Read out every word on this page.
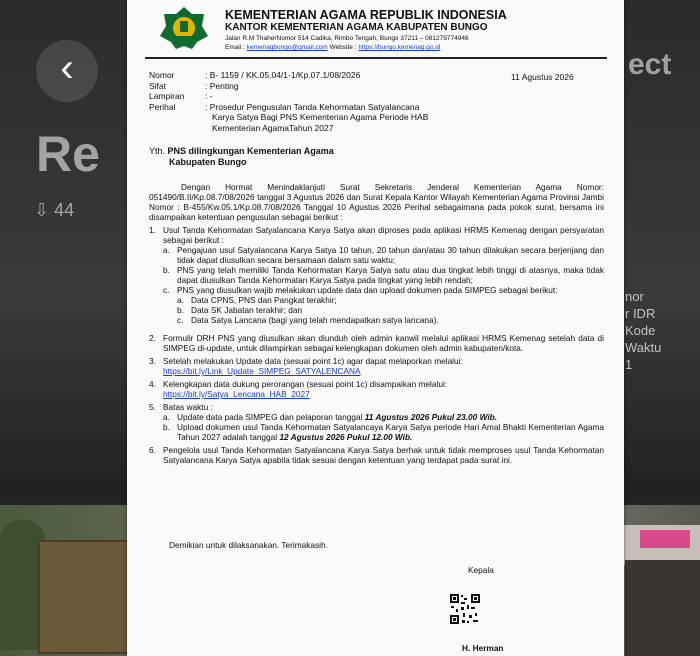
‹
Re
⇩ 44
ect
nor
r IDR
Kode
Waktu
1
KEMENTERIAN AGAMA REPUBLIK INDONESIA
KANTOR KEMENTERIAN AGAMA KABUPATEN BUNGO
Jalan R.M ThaherNomor 514 Cadika, Rimbo Tengah, Bungo 37211 – 081279774946
Email : kemenagbungo@gmail.com Website : https://bungo.kemenag.go.id
Nomor	: B- 1159 / KK.05.04/1-1/Kp.07.1/08/2026
Sifat	: Penting
Lampiran	: -
Perihal	: Prosedur Pengusulan Tanda Kehormatan Satyalancana
Karya Satya Bagi PNS Kementerian Agama Periode HAB
Kementerian AgamaTahun 2027
11 Agustus 2026
Yth. PNS dilingkungan Kementerian Agama
Kabupaten Bungo
Dengan Hormat Menindaklanjuti Surat Sekretaris Jenderal Kementerian Agama Nomor: 051490/B.II/Kp.08.7/08/2026 tanggal 3 Agustus 2026 dan Surat Kepala Kantor Wilayah Kementerian Agama Provinsi Jambi Nomor : B-455/Kw.05.1/Kp.08.7/08/2026 Tanggal 10 Agustus 2026 Perihal sebagaimana pada pokok surat, bersama ini disampaikan ketentuan pengusulan sebagai berikut :
1. Usul Tanda Kehormatan Satyalancana Karya Satya akan diproses pada aplikasi HRMS Kemenag dengan persyaratan sebagai berikut :
a. Pengajuan usul Satyalancana Karya Satya 10 tahun, 20 tahun dan/atau 30 tahun dilakukan secara berjenjang dan tidak dapat diusulkan secara bersamaan dalam satu waktu;
b. PNS yang telah memiliki Tanda Kehormatan Karya Satya satu atau dua tingkat lebih tinggi di atasnya, maka tidak dapat diusulkan Tanda Kehormatan Karya Satya pada tingkat yang lebih rendah;
c. PNS yang diusulkan wajib melakukan update data dan upload dokumen pada SIMPEG sebagai berikut:
a. Data CPNS, PNS dan Pangkat terakhir;
b. Data SK Jabatan terakhir; dan
c. Data Satya Lancana (bagi yang telah mendapatkan satya lancana).
2. Formulir DRH PNS yang diusulkan akan diunduh oleh admin kanwil melalui aplikasi HRMS Kemenag setelah data di SIMPEG di-update, untuk dilampirkan sebagai kelengkapan dokumen oleh admin kabupaten/kota.
3. Setelah melakukan Update data (sesuai point 1c) agar dapat melaporkan melalui:
https://bit.ly/Link_Update_SIMPEG_SATYALENCANA
4. Kelengkapan data dukung perorangan (sesuai point 1c) disampaikan melalui:
https://bit.ly/Satya_Lencana_HAB_2027
5. Batas waktu :
a. Update data pada SIMPEG dan pelaporan tanggal 11 Agustus 2026 Pukul 23.00 Wib.
b. Upload dokumen usul Tanda Kehormatan Satyalancaya Karya Satya periode Hari Amal Bhakti Kementerian Agama Tahun 2027 adalah tanggal 12 Agustus 2026 Pukul 12.00 Wib.
6. Pengelola usul Tanda Kehormatan Satyalancana Karya Satya berhak untuk tidak memproses usul Tanda Kehormatan Satyalancana Karya Satya apabila tidak sesuai dengan ketentuan yang terdapat pada surat ini.
Demikian untuk dilaksanakan. Terimakasih.
Kepala
H. Herman
